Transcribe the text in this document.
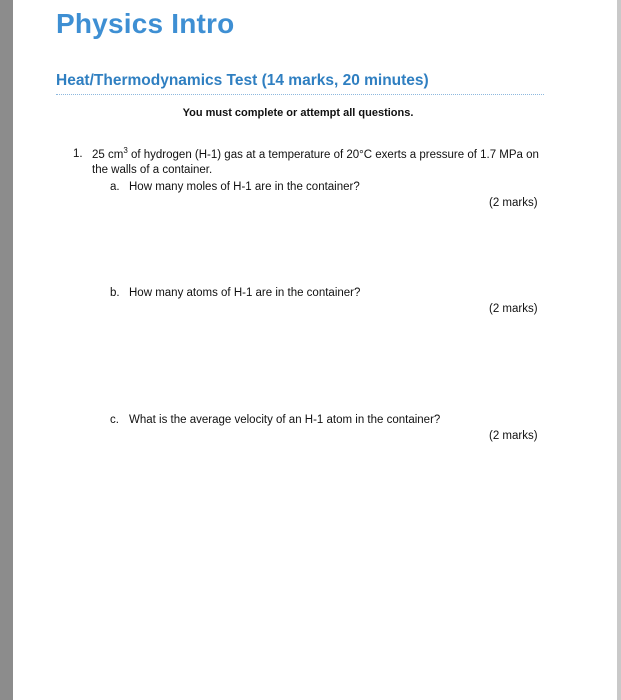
Physics Intro
Heat/Thermodynamics Test (14 marks, 20 minutes)
You must complete or attempt all questions.
1. 25 $cm^3$ of hydrogen (H-1) gas at a temperature of 20°C exerts a pressure of 1.7 MPa on the walls of a container.
a. How many moles of H-1 are in the container?
(2 marks)
b. How many atoms of H-1 are in the container?
(2 marks)
c. What is the average velocity of an H-1 atom in the container?
(2 marks)
